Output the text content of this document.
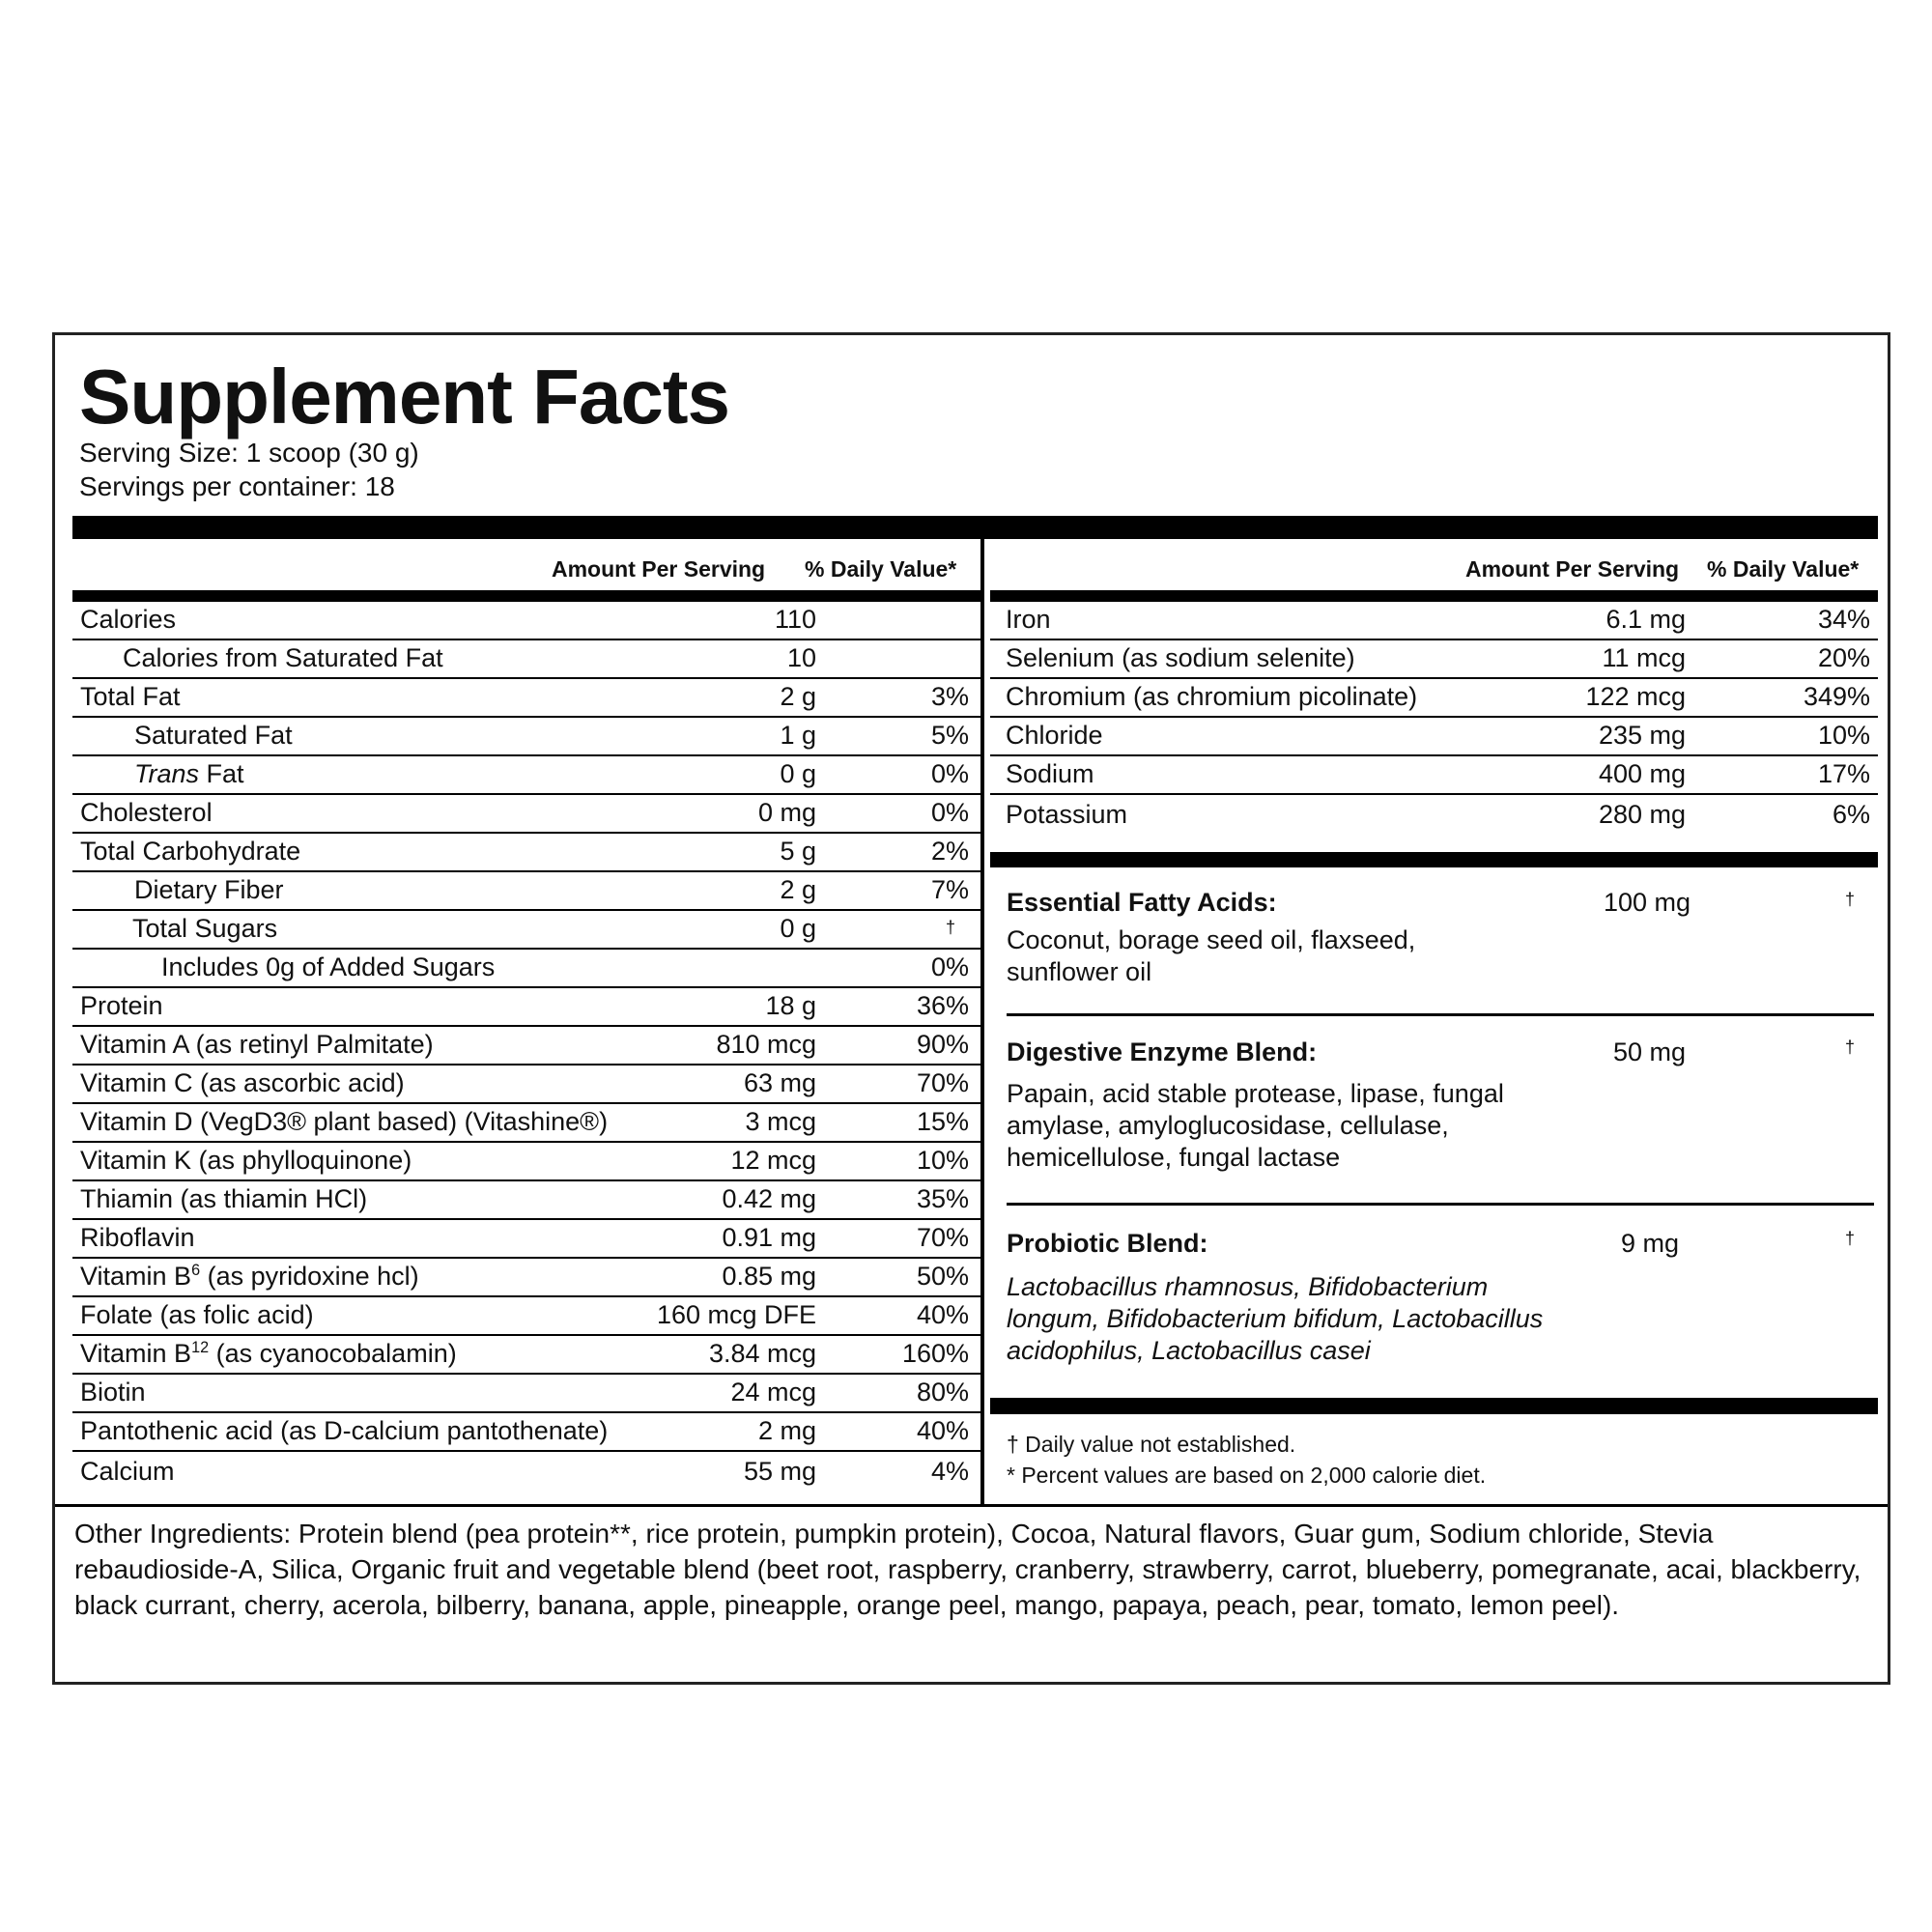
Supplement Facts
Serving Size: 1 scoop (30 g)
Servings per container: 18
Amount Per Serving % Daily Value*	Amount Per Serving % Daily Value*
Calories	110
Calories from Saturated Fat	10
Total Fat	2 g	3%
Saturated Fat	1 g	5%
Trans Fat	0 g	0%
Cholesterol	0 mg	0%
Total Carbohydrate	5 g	2%
Dietary Fiber	2 g	7%
Total Sugars	0 g	†
Includes 0g of Added Sugars	0%
Protein	18 g	36%
Vitamin A (as retinyl Palmitate)	810 mcg	90%
Vitamin C (as ascorbic acid)	63 mg	70%
Vitamin D (VegD3® plant based) (Vitashine®)	3 mcg	15%
Vitamin K (as phylloquinone)	12 mcg	10%
Thiamin (as thiamin HCl)	0.42 mg	35%
Riboflavin	0.91 mg	70%
Vitamin $B^6$ (as pyridoxine hcl)	0.85 mg	50%
Folate (as folic acid)	160 mcg DFE	40%
Vitamin $B^{12}$ (as cyanocobalamin)	3.84 mcg	160%
Biotin	24 mcg	80%
Pantothenic acid (as D-calcium pantothenate)	2 mg	40%
Calcium	55 mg	4%
Iron	6.1 mg	34%
Selenium (as sodium selenite)	11 mcg	20%
Chromium (as chromium picolinate)	122 mcg	349%
Chloride	235 mg	10%
Sodium	400 mg	17%
Potassium	280 mg	6%
Essential Fatty Acids:	100 mg	†
Coconut, borage seed oil, flaxseed, sunflower oil
Digestive Enzyme Blend:	50 mg	†
Papain, acid stable protease, lipase, fungal amylase, amyloglucosidase, cellulase, hemicellulose, fungal lactase
Probiotic Blend:	9 mg	†
Lactobacillus rhamnosus, Bifidobacterium longum, Bifidobacterium bifidum, Lactobacillus acidophilus, Lactobacillus casei
† Daily value not established.
* Percent values are based on 2,000 calorie diet.
Other Ingredients: Protein blend (pea protein**, rice protein, pumpkin protein), Cocoa, Natural flavors, Guar gum, Sodium chloride, Stevia rebaudioside-A, Silica, Organic fruit and vegetable blend (beet root, raspberry, cranberry, strawberry, carrot, blueberry, pomegranate, acai, blackberry, black currant, cherry, acerola, bilberry, banana, apple, pineapple, orange peel, mango, papaya, peach, pear, tomato, lemon peel).
